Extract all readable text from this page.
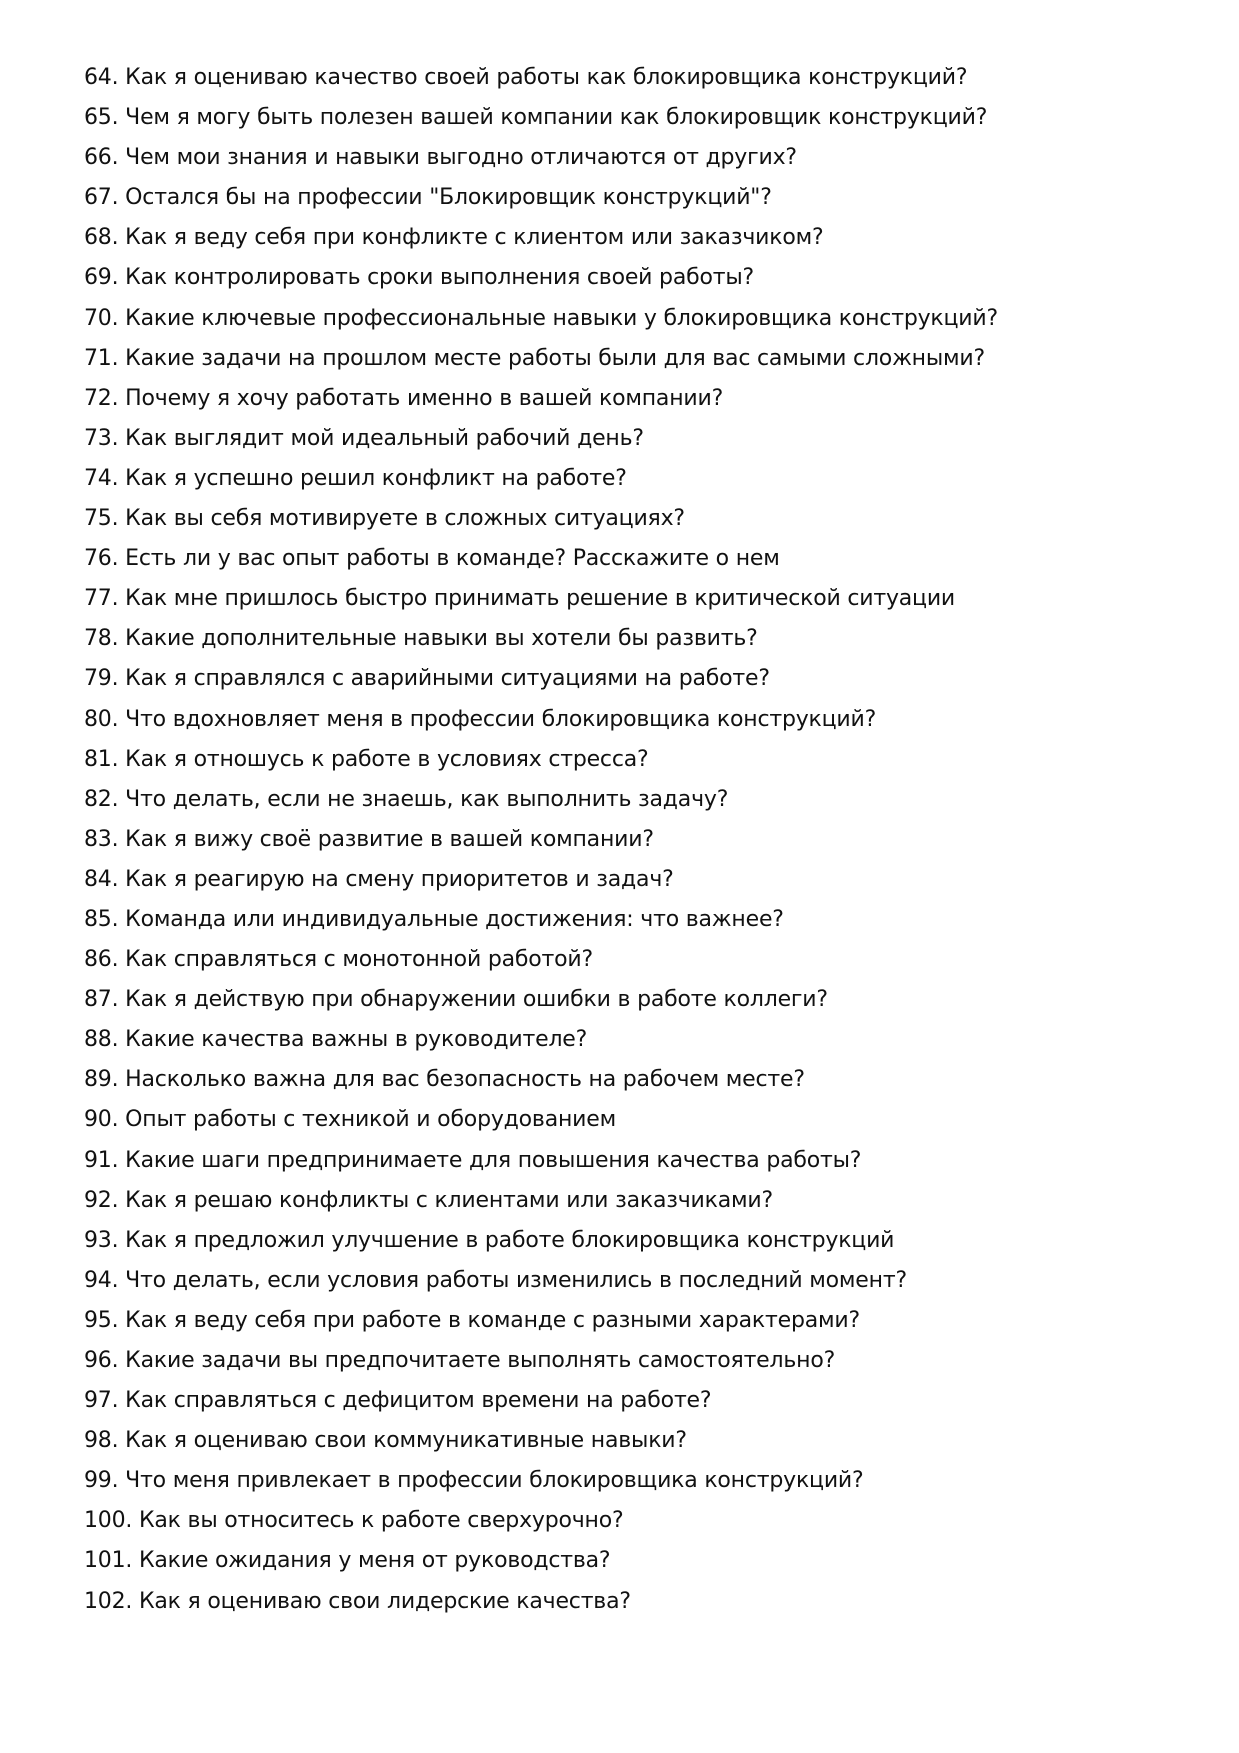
64. Как я оцениваю качество своей работы как блокировщика конструкций?
65. Чем я могу быть полезен вашей компании как блокировщик конструкций?
66. Чем мои знания и навыки выгодно отличаются от других?
67. Остался бы на профессии "Блокировщик конструкций"?
68. Как я веду себя при конфликте с клиентом или заказчиком?
69. Как контролировать сроки выполнения своей работы?
70. Какие ключевые профессиональные навыки у блокировщика конструкций?
71. Какие задачи на прошлом месте работы были для вас самыми сложными?
72. Почему я хочу работать именно в вашей компании?
73. Как выглядит мой идеальный рабочий день?
74. Как я успешно решил конфликт на работе?
75. Как вы себя мотивируете в сложных ситуациях?
76. Есть ли у вас опыт работы в команде? Расскажите о нем
77. Как мне пришлось быстро принимать решение в критической ситуации
78. Какие дополнительные навыки вы хотели бы развить?
79. Как я справлялся с аварийными ситуациями на работе?
80. Что вдохновляет меня в профессии блокировщика конструкций?
81. Как я отношусь к работе в условиях стресса?
82. Что делать, если не знаешь, как выполнить задачу?
83. Как я вижу своё развитие в вашей компании?
84. Как я реагирую на смену приоритетов и задач?
85. Команда или индивидуальные достижения: что важнее?
86. Как справляться с монотонной работой?
87. Как я действую при обнаружении ошибки в работе коллеги?
88. Какие качества важны в руководителе?
89. Насколько важна для вас безопасность на рабочем месте?
90. Опыт работы с техникой и оборудованием
91. Какие шаги предпринимаете для повышения качества работы?
92. Как я решаю конфликты с клиентами или заказчиками?
93. Как я предложил улучшение в работе блокировщика конструкций
94. Что делать, если условия работы изменились в последний момент?
95. Как я веду себя при работе в команде с разными характерами?
96. Какие задачи вы предпочитаете выполнять самостоятельно?
97. Как справляться с дефицитом времени на работе?
98. Как я оцениваю свои коммуникативные навыки?
99. Что меня привлекает в профессии блокировщика конструкций?
100. Как вы относитесь к работе сверхурочно?
101. Какие ожидания у меня от руководства?
102. Как я оцениваю свои лидерские качества?
